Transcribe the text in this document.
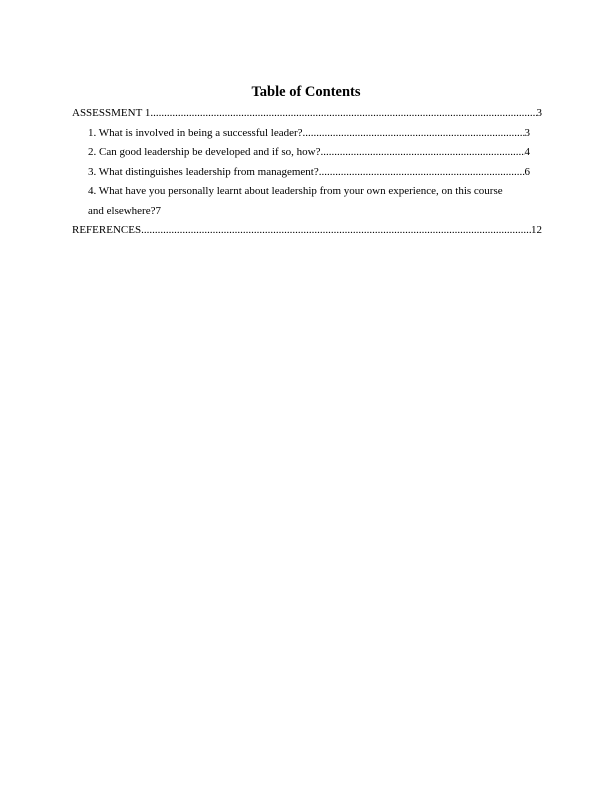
Table of Contents
ASSESSMENT 1 .....	3
1. What is involved in being a successful leader? .....	3
2. Can good leadership be developed and if so, how? .....	4
3. What distinguishes leadership from management? .....	6
4. What have you personally learnt about leadership from your own experience, on this course
and elsewhere? 7
REFERENCES .....	12
